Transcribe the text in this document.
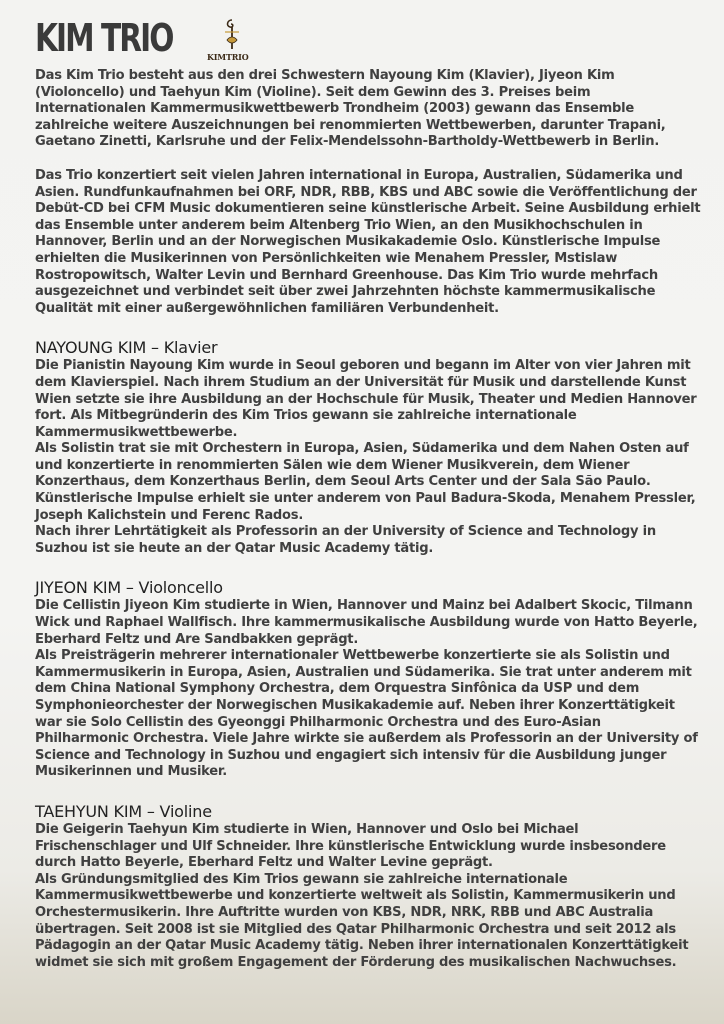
KIM TRIO	KIMTRIO

Das Kim Trio besteht aus den drei Schwestern Nayoung Kim (Klavier), Jiyeon Kim

(Violoncello) und Taehyun Kim (Violine). Seit dem Gewinn des 3. Preises beim

Internationalen Kammermusikwettbewerb Trondheim (2003) gewann das Ensemble

zahlreiche weitere Auszeichnungen bei renommierten Wettbewerben, darunter Trapani,

Gaetano Zinetti, Karlsruhe und der Felix-Mendelssohn-Bartholdy-Wettbewerb in Berlin.

Das Trio konzertiert seit vielen Jahren international in Europa, Australien, Südamerika und

Asien. Rundfunkaufnahmen bei ORF, NDR, RBB, KBS und ABC sowie die Veröffentlichung der

Debüt-CD bei CFM Music dokumentieren seine künstlerische Arbeit. Seine Ausbildung erhielt

das Ensemble unter anderem beim Altenberg Trio Wien, an den Musikhochschulen in

Hannover, Berlin und an der Norwegischen Musikakademie Oslo. Künstlerische Impulse

erhielten die Musikerinnen von Persönlichkeiten wie Menahem Pressler, Mstislaw

Rostropowitsch, Walter Levin und Bernhard Greenhouse. Das Kim Trio wurde mehrfach

ausgezeichnet und verbindet seit über zwei Jahrzehnten höchste kammermusikalische

Qualität mit einer außergewöhnlichen familiären Verbundenheit.

NAYOUNG KIM – Klavier

Die Pianistin Nayoung Kim wurde in Seoul geboren und begann im Alter von vier Jahren mit

dem Klavierspiel. Nach ihrem Studium an der Universität für Musik und darstellende Kunst

Wien setzte sie ihre Ausbildung an der Hochschule für Musik, Theater und Medien Hannover

fort. Als Mitbegründerin des Kim Trios gewann sie zahlreiche internationale

Kammermusikwettbewerbe.

Als Solistin trat sie mit Orchestern in Europa, Asien, Südamerika und dem Nahen Osten auf

und konzertierte in renommierten Sälen wie dem Wiener Musikverein, dem Wiener

Konzerthaus, dem Konzerthaus Berlin, dem Seoul Arts Center und der Sala São Paulo.

Künstlerische Impulse erhielt sie unter anderem von Paul Badura-Skoda, Menahem Pressler,

Joseph Kalichstein und Ferenc Rados.

Nach ihrer Lehrtätigkeit als Professorin an der University of Science and Technology in

Suzhou ist sie heute an der Qatar Music Academy tätig.

JIYEON KIM – Violoncello

Die Cellistin Jiyeon Kim studierte in Wien, Hannover und Mainz bei Adalbert Skocic, Tilmann

Wick und Raphael Wallfisch. Ihre kammermusikalische Ausbildung wurde von Hatto Beyerle,

Eberhard Feltz und Are Sandbakken geprägt.

Als Preisträgerin mehrerer internationaler Wettbewerbe konzertierte sie als Solistin und

Kammermusikerin in Europa, Asien, Australien und Südamerika. Sie trat unter anderem mit

dem China National Symphony Orchestra, dem Orquestra Sinfônica da USP und dem

Symphonieorchester der Norwegischen Musikakademie auf. Neben ihrer Konzerttätigkeit

war sie Solo Cellistin des Gyeonggi Philharmonic Orchestra und des Euro-Asian

Philharmonic Orchestra. Viele Jahre wirkte sie außerdem als Professorin an der University of

Science and Technology in Suzhou und engagiert sich intensiv für die Ausbildung junger

Musikerinnen und Musiker.

TAEHYUN KIM – Violine

Die Geigerin Taehyun Kim studierte in Wien, Hannover und Oslo bei Michael

Frischenschlager und Ulf Schneider. Ihre künstlerische Entwicklung wurde insbesondere

durch Hatto Beyerle, Eberhard Feltz und Walter Levine geprägt.

Als Gründungsmitglied des Kim Trios gewann sie zahlreiche internationale

Kammermusikwettbewerbe und konzertierte weltweit als Solistin, Kammermusikerin und

Orchestermusikerin. Ihre Auftritte wurden von KBS, NDR, NRK, RBB und ABC Australia

übertragen. Seit 2008 ist sie Mitglied des Qatar Philharmonic Orchestra und seit 2012 als

Pädagogin an der Qatar Music Academy tätig. Neben ihrer internationalen Konzerttätigkeit

widmet sie sich mit großem Engagement der Förderung des musikalischen Nachwuchses.
